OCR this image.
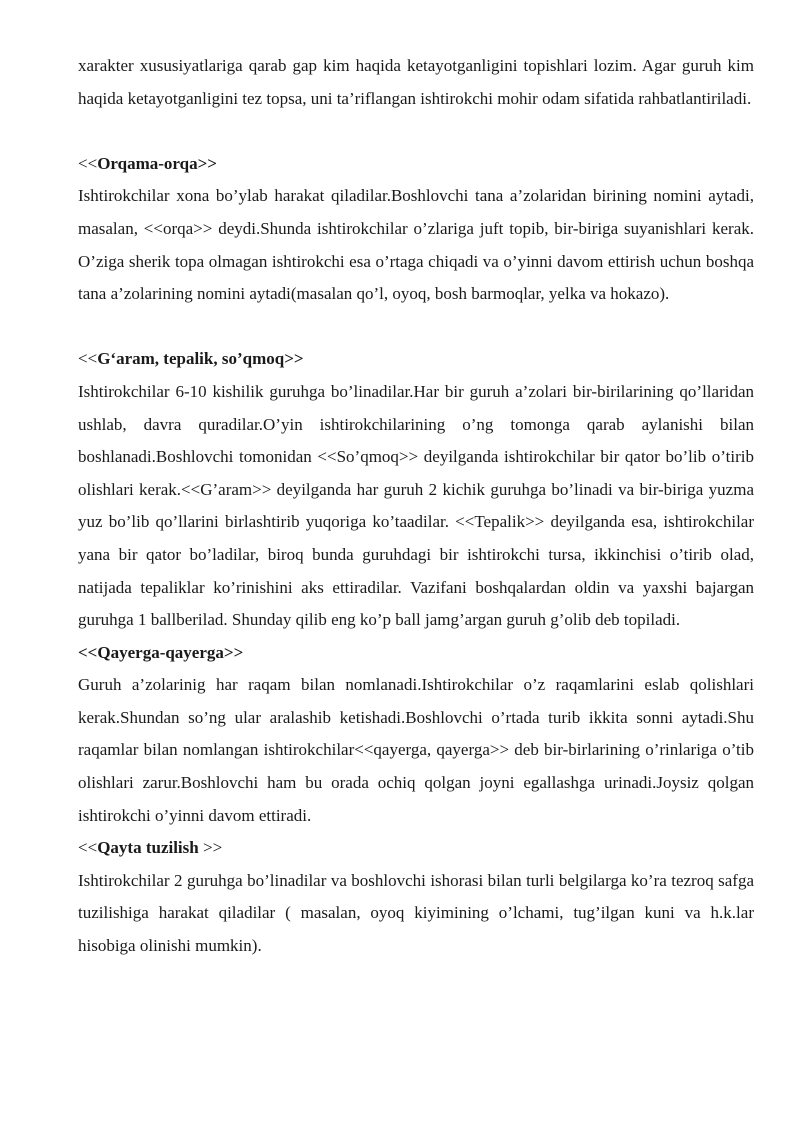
xarakter xususiyatlariga qarab gap kim haqida ketayotganligini topishlari lozim. Agar guruh kim haqida ketayotganligini tez topsa, uni ta’riflangan ishtirokchi mohir odam sifatida rahbatlantiriladi.

<<Orqama-orqa>>

Ishtirokchilar xona bo’ylab harakat qiladilar.Boshlovchi tana a’zolaridan birining nomini aytadi, masalan, <<orqa>> deydi.Shunda ishtirokchilar o’zlariga juft topib, bir-biriga suyanishlari kerak. O’ziga sherik topa olmagan ishtirokchi esa o’rtaga chiqadi va o’yinni davom ettirish uchun boshqa tana a’zolarining nomini aytadi(masalan qo’l, oyoq, bosh barmoqlar, yelka va hokazo).

<<G‘aram, tepalik, so’qmoq>>

Ishtirokchilar 6-10 kishilik guruhga bo’linadilar.Har bir guruh a’zolari bir-birilarining qo’llaridan ushlab, davra quradilar.O’yin ishtirokchilarining o’ng tomonga qarab aylanishi bilan boshlanadi.Boshlovchi tomonidan <<So’qmoq>> deyilganda ishtirokchilar bir qator bo’lib o’tirib olishlari kerak.<<G’aram>> deyilganda har guruh 2 kichik guruhga bo’linadi va bir-biriga yuzma yuz bo’lib qo’llarini birlashtirib yuqoriga ko’taadilar. <<Tepalik>> deyilganda esa, ishtirokchilar yana bir qator bo’ladilar, biroq bunda guruhdagi bir ishtirokchi tursa, ikkinchisi o’tirib olad, natijada tepaliklar ko’rinishini aks ettiradilar. Vazifani boshqalardan oldin va yaxshi bajargan guruhga 1 ballberilad. Shunday qilib eng ko’p ball jamg’argan guruh g’olib deb topiladi.

<<Qayerga-qayerga>>

Guruh a’zolarinig har raqam bilan nomlanadi.Ishtirokchilar o’z raqamlarini eslab qolishlari kerak.Shundan so’ng ular aralashib ketishadi.Boshlovchi o’rtada turib ikkita sonni aytadi.Shu raqamlar bilan nomlangan ishtirokchilar<<qayerga, qayerga>> deb bir-birlarining o’rinlariga o’tib olishlari zarur.Boshlovchi ham bu orada ochiq qolgan joyni egallashga urinadi.Joysiz qolgan ishtirokchi o’yinni davom ettiradi.

<<Qayta tuzilish >>

Ishtirokchilar 2 guruhga bo’linadilar va boshlovchi ishorasi bilan turli belgilarga ko’ra tezroq safga tuzilishiga harakat qiladilar ( masalan, oyoq kiyimining o’lchami, tug’ilgan kuni va h.k.lar hisobiga olinishi mumkin).
